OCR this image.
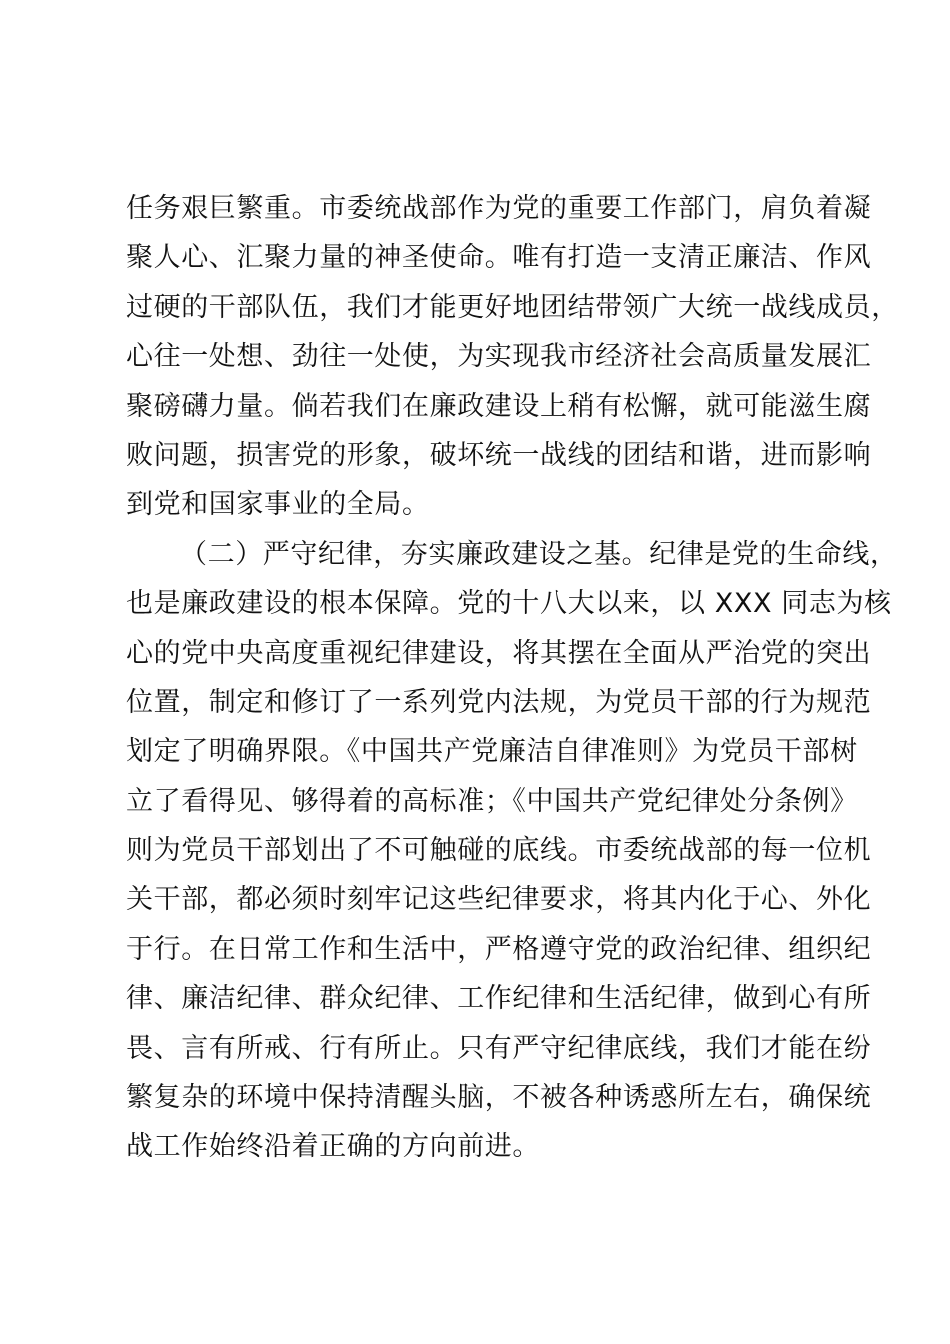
任务艰巨繁重。市委统战部作为党的重要工作部门，肩负着凝
聚人心、汇聚力量的神圣使命。唯有打造一支清正廉洁、作风
过硬的干部队伍，我们才能更好地团结带领广大统一战线成员，
心往一处想、劲往一处使，为实现我市经济社会高质量发展汇
聚磅礴力量。倘若我们在廉政建设上稍有松懈，就可能滋生腐
败问题，损害党的形象，破坏统一战线的团结和谐，进而影响
到党和国家事业的全局。
（二）严守纪律，夯实廉政建设之基。纪律是党的生命线，
也是廉政建设的根本保障。党的十八大以来，以 XXX 同志为核
心的党中央高度重视纪律建设，将其摆在全面从严治党的突出
位置，制定和修订了一系列党内法规，为党员干部的行为规范
划定了明确界限。《中国共产党廉洁自律准则》为党员干部树
立了看得见、够得着的高标准；《中国共产党纪律处分条例》
则为党员干部划出了不可触碰的底线。市委统战部的每一位机
关干部，都必须时刻牢记这些纪律要求，将其内化于心、外化
于行。在日常工作和生活中，严格遵守党的政治纪律、组织纪
律、廉洁纪律、群众纪律、工作纪律和生活纪律，做到心有所
畏、言有所戒、行有所止。只有严守纪律底线，我们才能在纷
繁复杂的环境中保持清醒头脑，不被各种诱惑所左右，确保统
战工作始终沿着正确的方向前进。
